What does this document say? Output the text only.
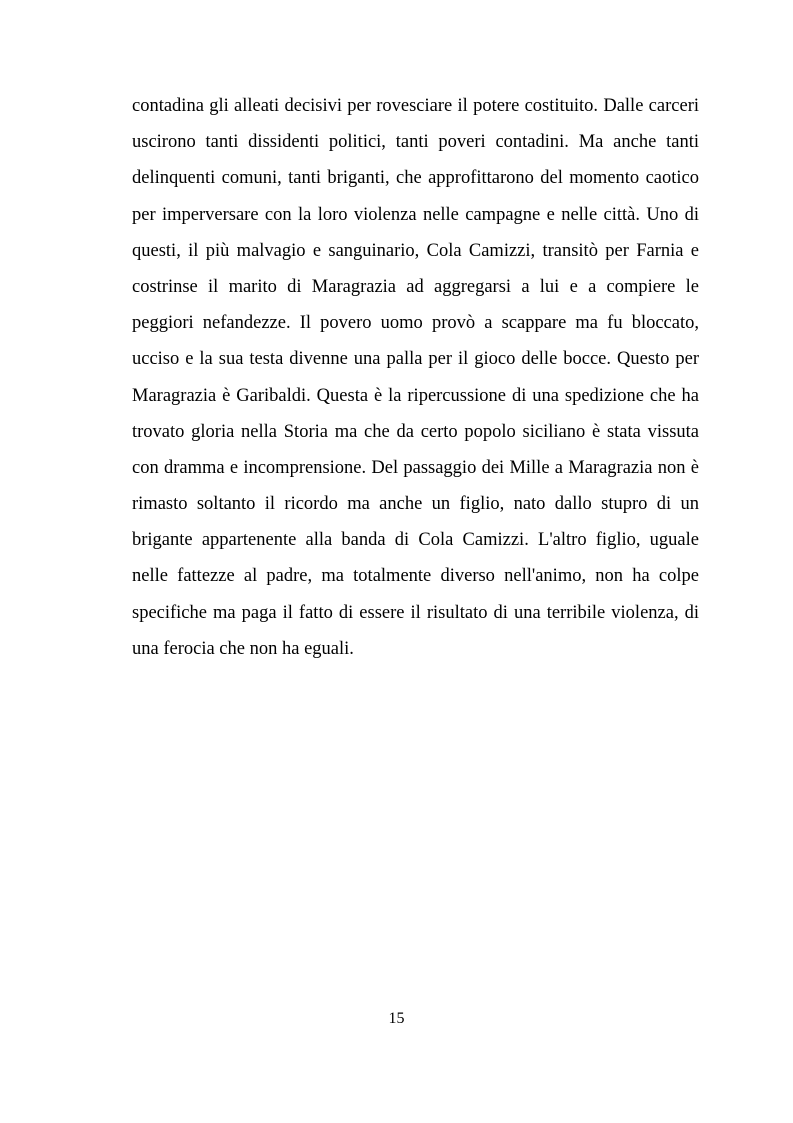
contadina gli alleati decisivi per rovesciare il potere costituito. Dalle carceri
uscirono tanti dissidenti politici, tanti poveri contadini. Ma anche tanti
delinquenti comuni, tanti briganti, che approfittarono del momento caotico
per imperversare con la loro violenza nelle campagne e nelle città. Uno di
questi, il più malvagio e sanguinario, Cola Camizzi, transitò per Farnia e
costrinse il marito di Maragrazia ad aggregarsi a lui e a compiere le
peggiori nefandezze. Il povero uomo provò a scappare ma fu bloccato,
ucciso e la sua testa divenne una palla per il gioco delle bocce. Questo per
Maragrazia è Garibaldi. Questa è la ripercussione di una spedizione che ha
trovato gloria nella Storia ma che da certo popolo siciliano è stata vissuta
con dramma e incomprensione. Del passaggio dei Mille a Maragrazia non è
rimasto soltanto il ricordo ma anche un figlio, nato dallo stupro di un
brigante appartenente alla banda di Cola Camizzi. L'altro figlio, uguale
nelle fattezze al padre, ma totalmente diverso nell'animo, non ha colpe
specifiche ma paga il fatto di essere il risultato di una terribile violenza, di
una ferocia che non ha eguali.
15
